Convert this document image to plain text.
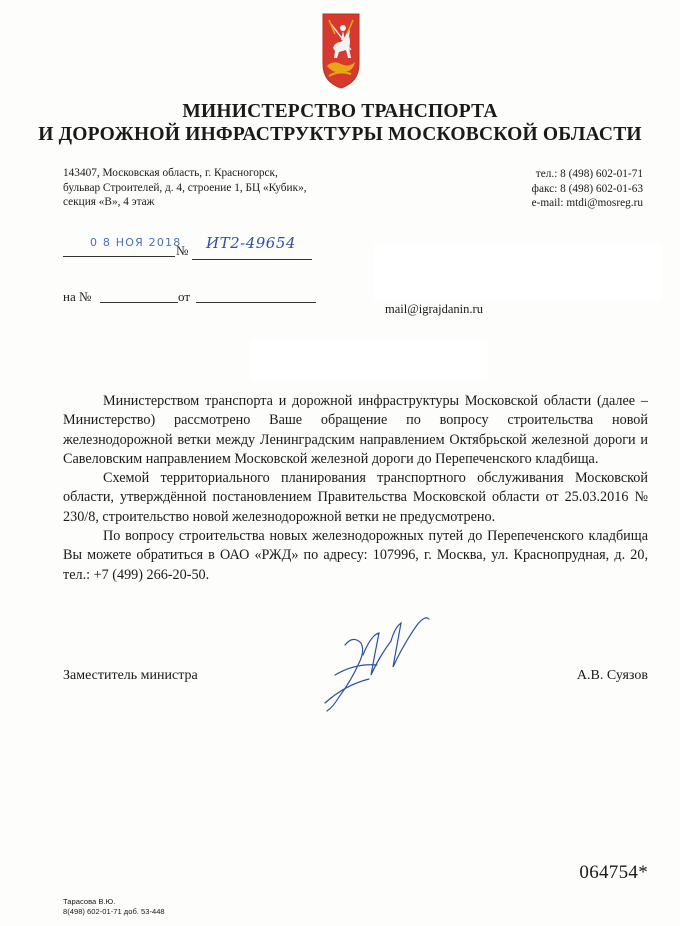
МИНИСТЕРСТВО ТРАНСПОРТА
И ДОРОЖНОЙ ИНФРАСТРУКТУРЫ МОСКОВСКОЙ ОБЛАСТИ
143407, Московская область, г. Красногорск,
бульвар Строителей, д. 4, строение 1, БЦ «Кубик»,
секция «В», 4 этаж
тел.: 8 (498) 602-01-71
факс: 8 (498) 602-01-63
e-mail: mtdi@mosreg.ru
0 8 НОЯ 2018
№ ИТ2-49654
на №	от
mail@igrajdanin.ru

Министерством транспорта и дорожной инфраструктуры Московской области (далее – Министерство) рассмотрено Ваше обращение по вопросу строительства новой железнодорожной ветки между Ленинградским направлением Октябрьской железной дороги и Савеловским направлением Московской железной дороги до Перепеченского кладбища.

Схемой территориального планирования транспортного обслуживания Московской области, утверждённой постановлением Правительства Московской области от 25.03.2016 № 230/8, строительство новой железнодорожной ветки не предусмотрено.

По вопросу строительства новых железнодорожных путей до Перепеченского кладбища Вы можете обратиться в ОАО «РЖД» по адресу: 107996, г. Москва, ул. Краснопрудная, д. 20, тел.: +7 (499) 266-20-50.

Заместитель министра	А.В. Суязов
064754*
Тарасова В.Ю.
8(498) 602-01-71 доб. 53-448
